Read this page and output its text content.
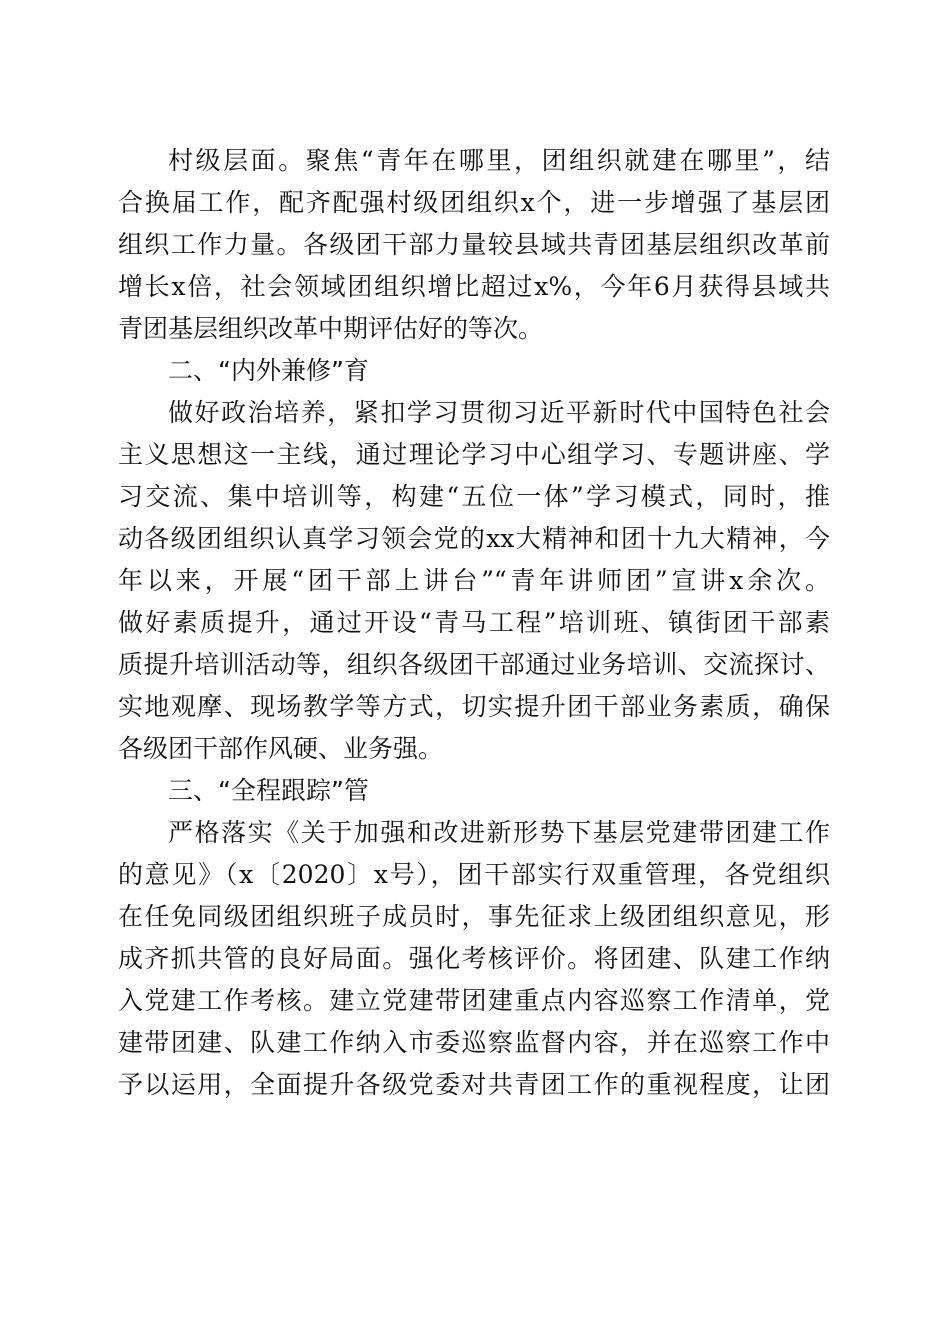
村级层面。聚焦“青年在哪里，团组织就建在哪里”，结
合换届工作，配齐配强村级团组织x个，进一步增强了基层团
组织工作力量。各级团干部力量较县域共青团基层组织改革前
增长x倍，社会领域团组织增比超过x%，今年6月获得县域共
青团基层组织改革中期评估好的等次。
二、“内外兼修”育
做好政治培养，紧扣学习贯彻习近平新时代中国特色社会
主义思想这一主线，通过理论学习中心组学习、专题讲座、学
习交流、集中培训等，构建“五位一体”学习模式，同时，推
动各级团组织认真学习领会党的xx大精神和团十九大精神，今
年以来，开展“团干部上讲台”“青年讲师团”宣讲x余次。
做好素质提升，通过开设“青马工程”培训班、镇街团干部素
质提升培训活动等，组织各级团干部通过业务培训、交流探讨、
实地观摩、现场教学等方式，切实提升团干部业务素质，确保
各级团干部作风硬、业务强。
三、“全程跟踪”管
严格落实《关于加强和改进新形势下基层党建带团建工作
的意见》（x〔2020〕x号），团干部实行双重管理，各党组织
在任免同级团组织班子成员时，事先征求上级团组织意见，形
成齐抓共管的良好局面。强化考核评价。将团建、队建工作纳
入党建工作考核。建立党建带团建重点内容巡察工作清单，党
建带团建、队建工作纳入市委巡察监督内容，并在巡察工作中
予以运用，全面提升各级党委对共青团工作的重视程度，让团
